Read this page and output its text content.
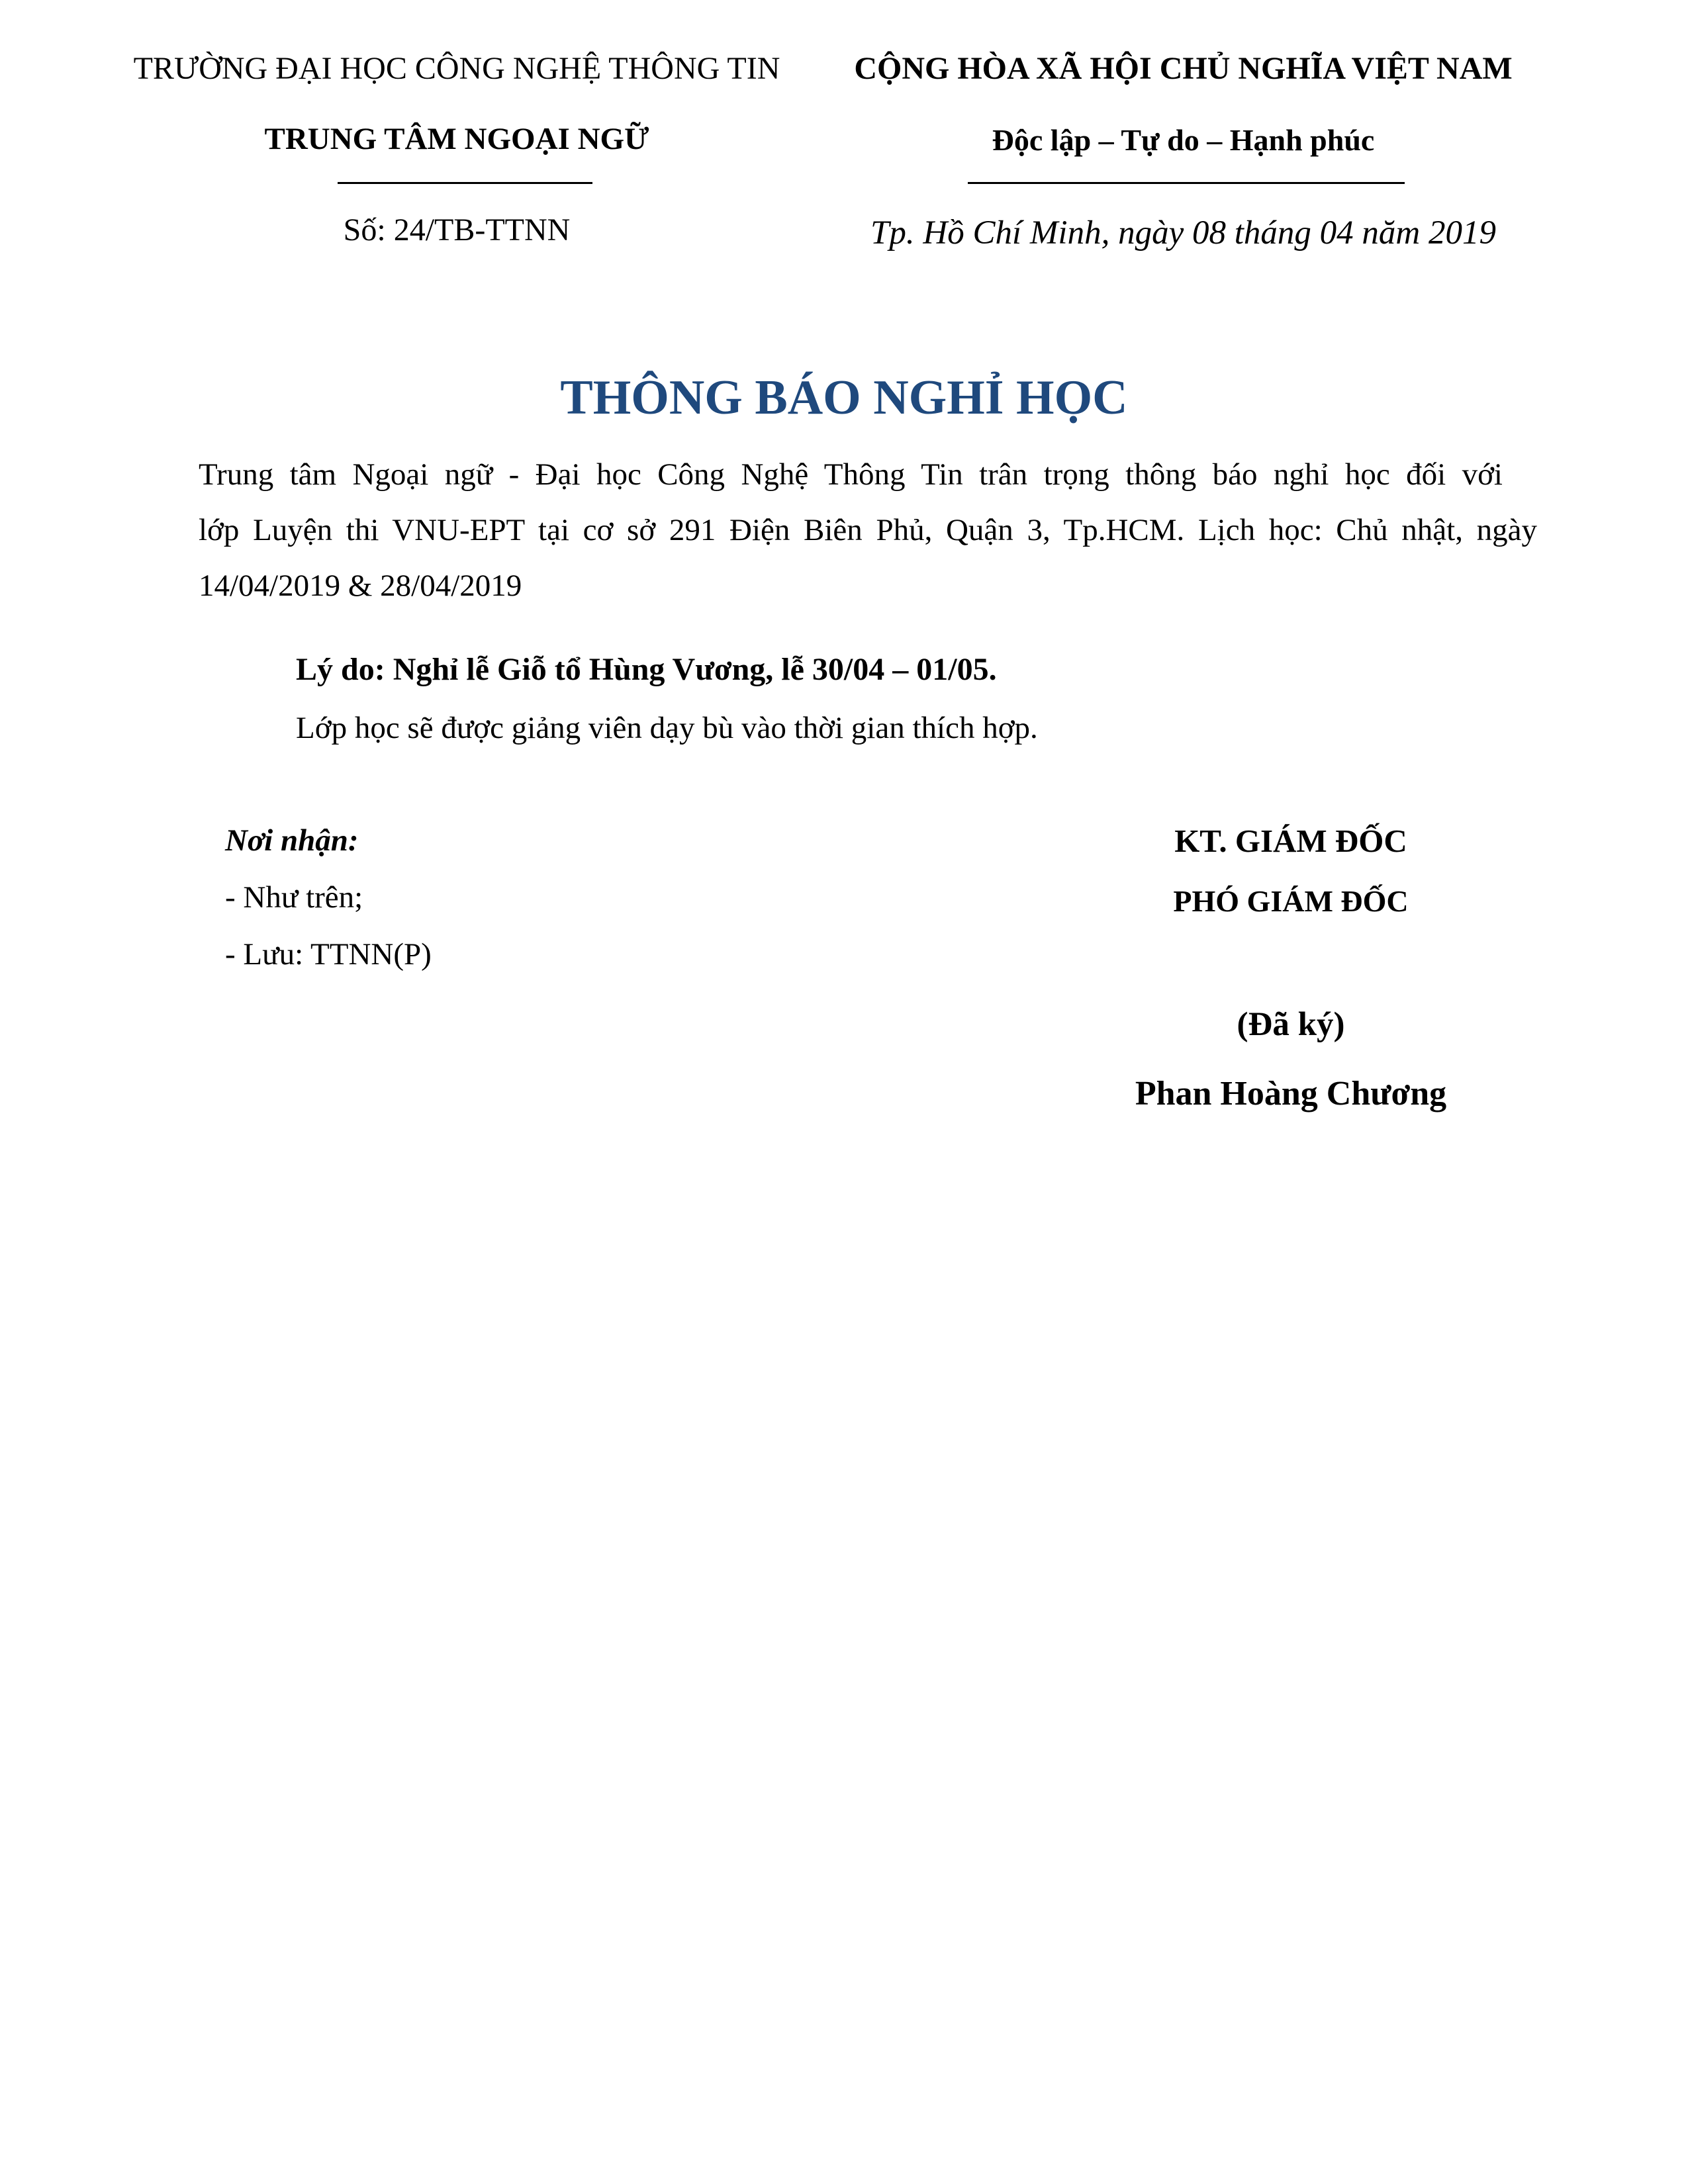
TRƯỜNG ĐẠI HỌC CÔNG NGHỆ THÔNG TIN
TRUNG TÂM NGOẠI NGỮ
Số: 24/TB-TTNN
CỘNG HÒA XÃ HỘI CHỦ NGHĨA VIỆT NAM
Độc lập – Tự do – Hạnh phúc
Tp. Hồ Chí Minh, ngày 08 tháng 04 năm 2019
THÔNG BÁO NGHỈ HỌC
Trung tâm Ngoại ngữ - Đại học Công Nghệ Thông Tin trân trọng thông báo nghỉ học đối với
lớp Luyện thi VNU-EPT tại cơ sở 291 Điện Biên Phủ, Quận 3, Tp.HCM. Lịch học: Chủ nhật, ngày
14/04/2019 & 28/04/2019
Lý do: Nghỉ lễ Giỗ tổ Hùng Vương, lễ 30/04 – 01/05.
Lớp học sẽ được giảng viên dạy bù vào thời gian thích hợp.
Nơi nhận:
- Như trên;
- Lưu: TTNN(P)
KT. GIÁM ĐỐC
PHÓ GIÁM ĐỐC
(Đã ký)
Phan Hoàng Chương
